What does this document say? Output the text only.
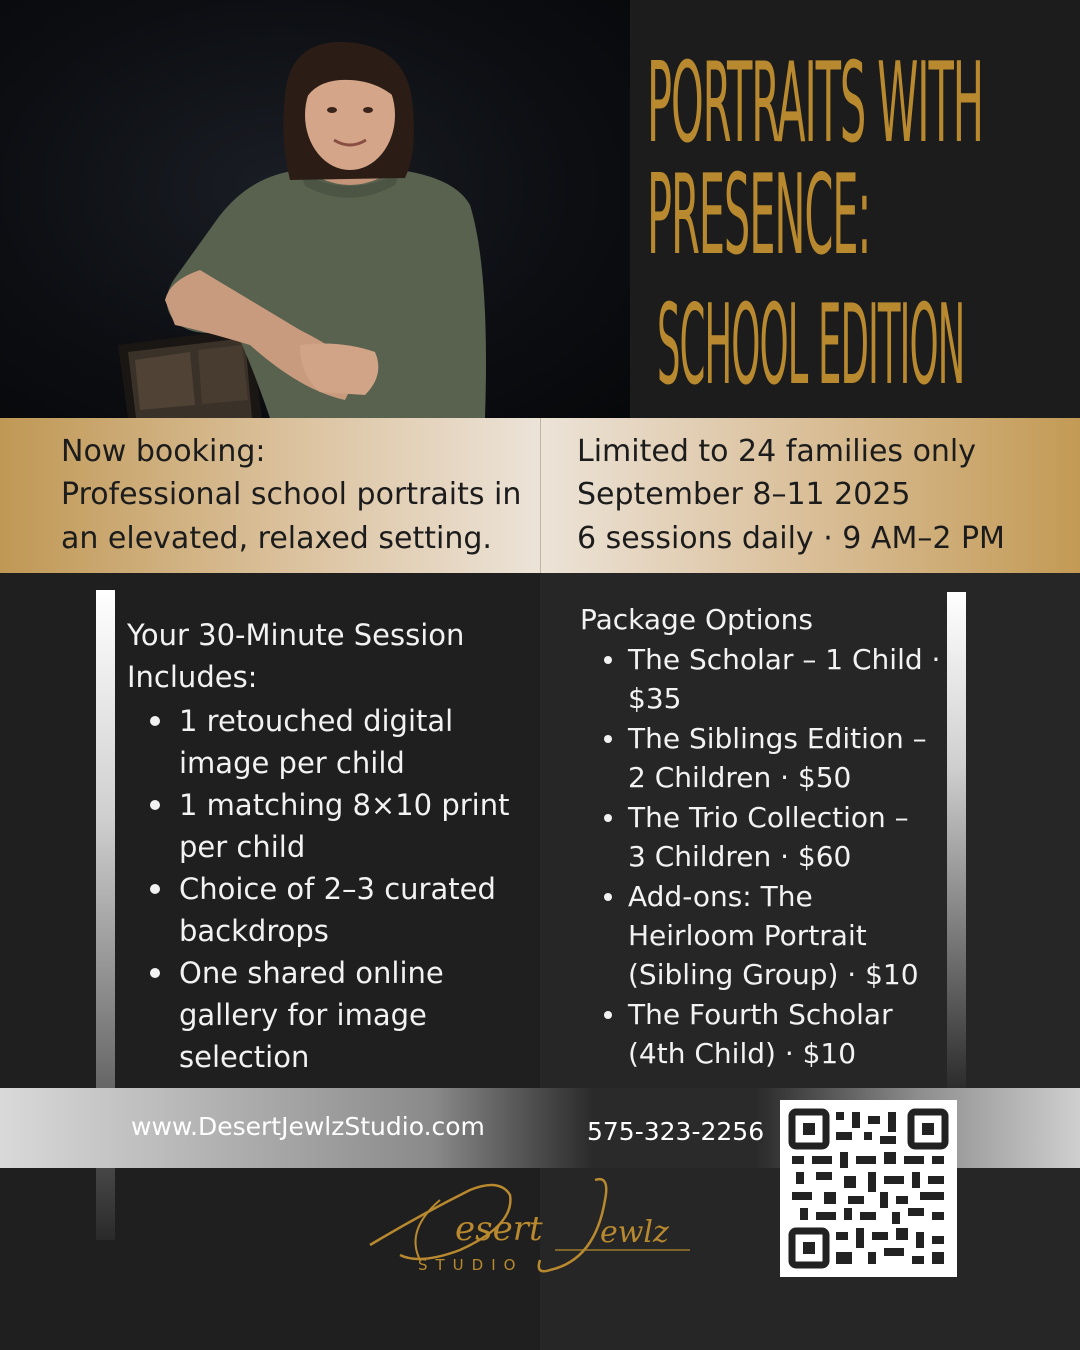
PORTRAITS WITH
PRESENCE:
SCHOOL EDITION
Now booking:
Professional school portraits in
an elevated, relaxed setting.
Limited to 24 families only
September 8–11 2025
6 sessions daily · 9 AM–2 PM
Your 30-Minute Session
Includes:
1 retouched digital
image per child
1 matching 8×10 print
per child
Choice of 2–3 curated
backdrops
One shared online
gallery for image
selection
Package Options
The Scholar – 1 Child ·
$35
The Siblings Edition –
2 Children · $50
The Trio Collection –
3 Children · $60
Add-ons: The
Heirloom Portrait
(Sibling Group) · $10
The Fourth Scholar
(4th Child) · $10
www.DesertJewlzStudio.com	575-323-2256
esert ewlz
STUDIO
